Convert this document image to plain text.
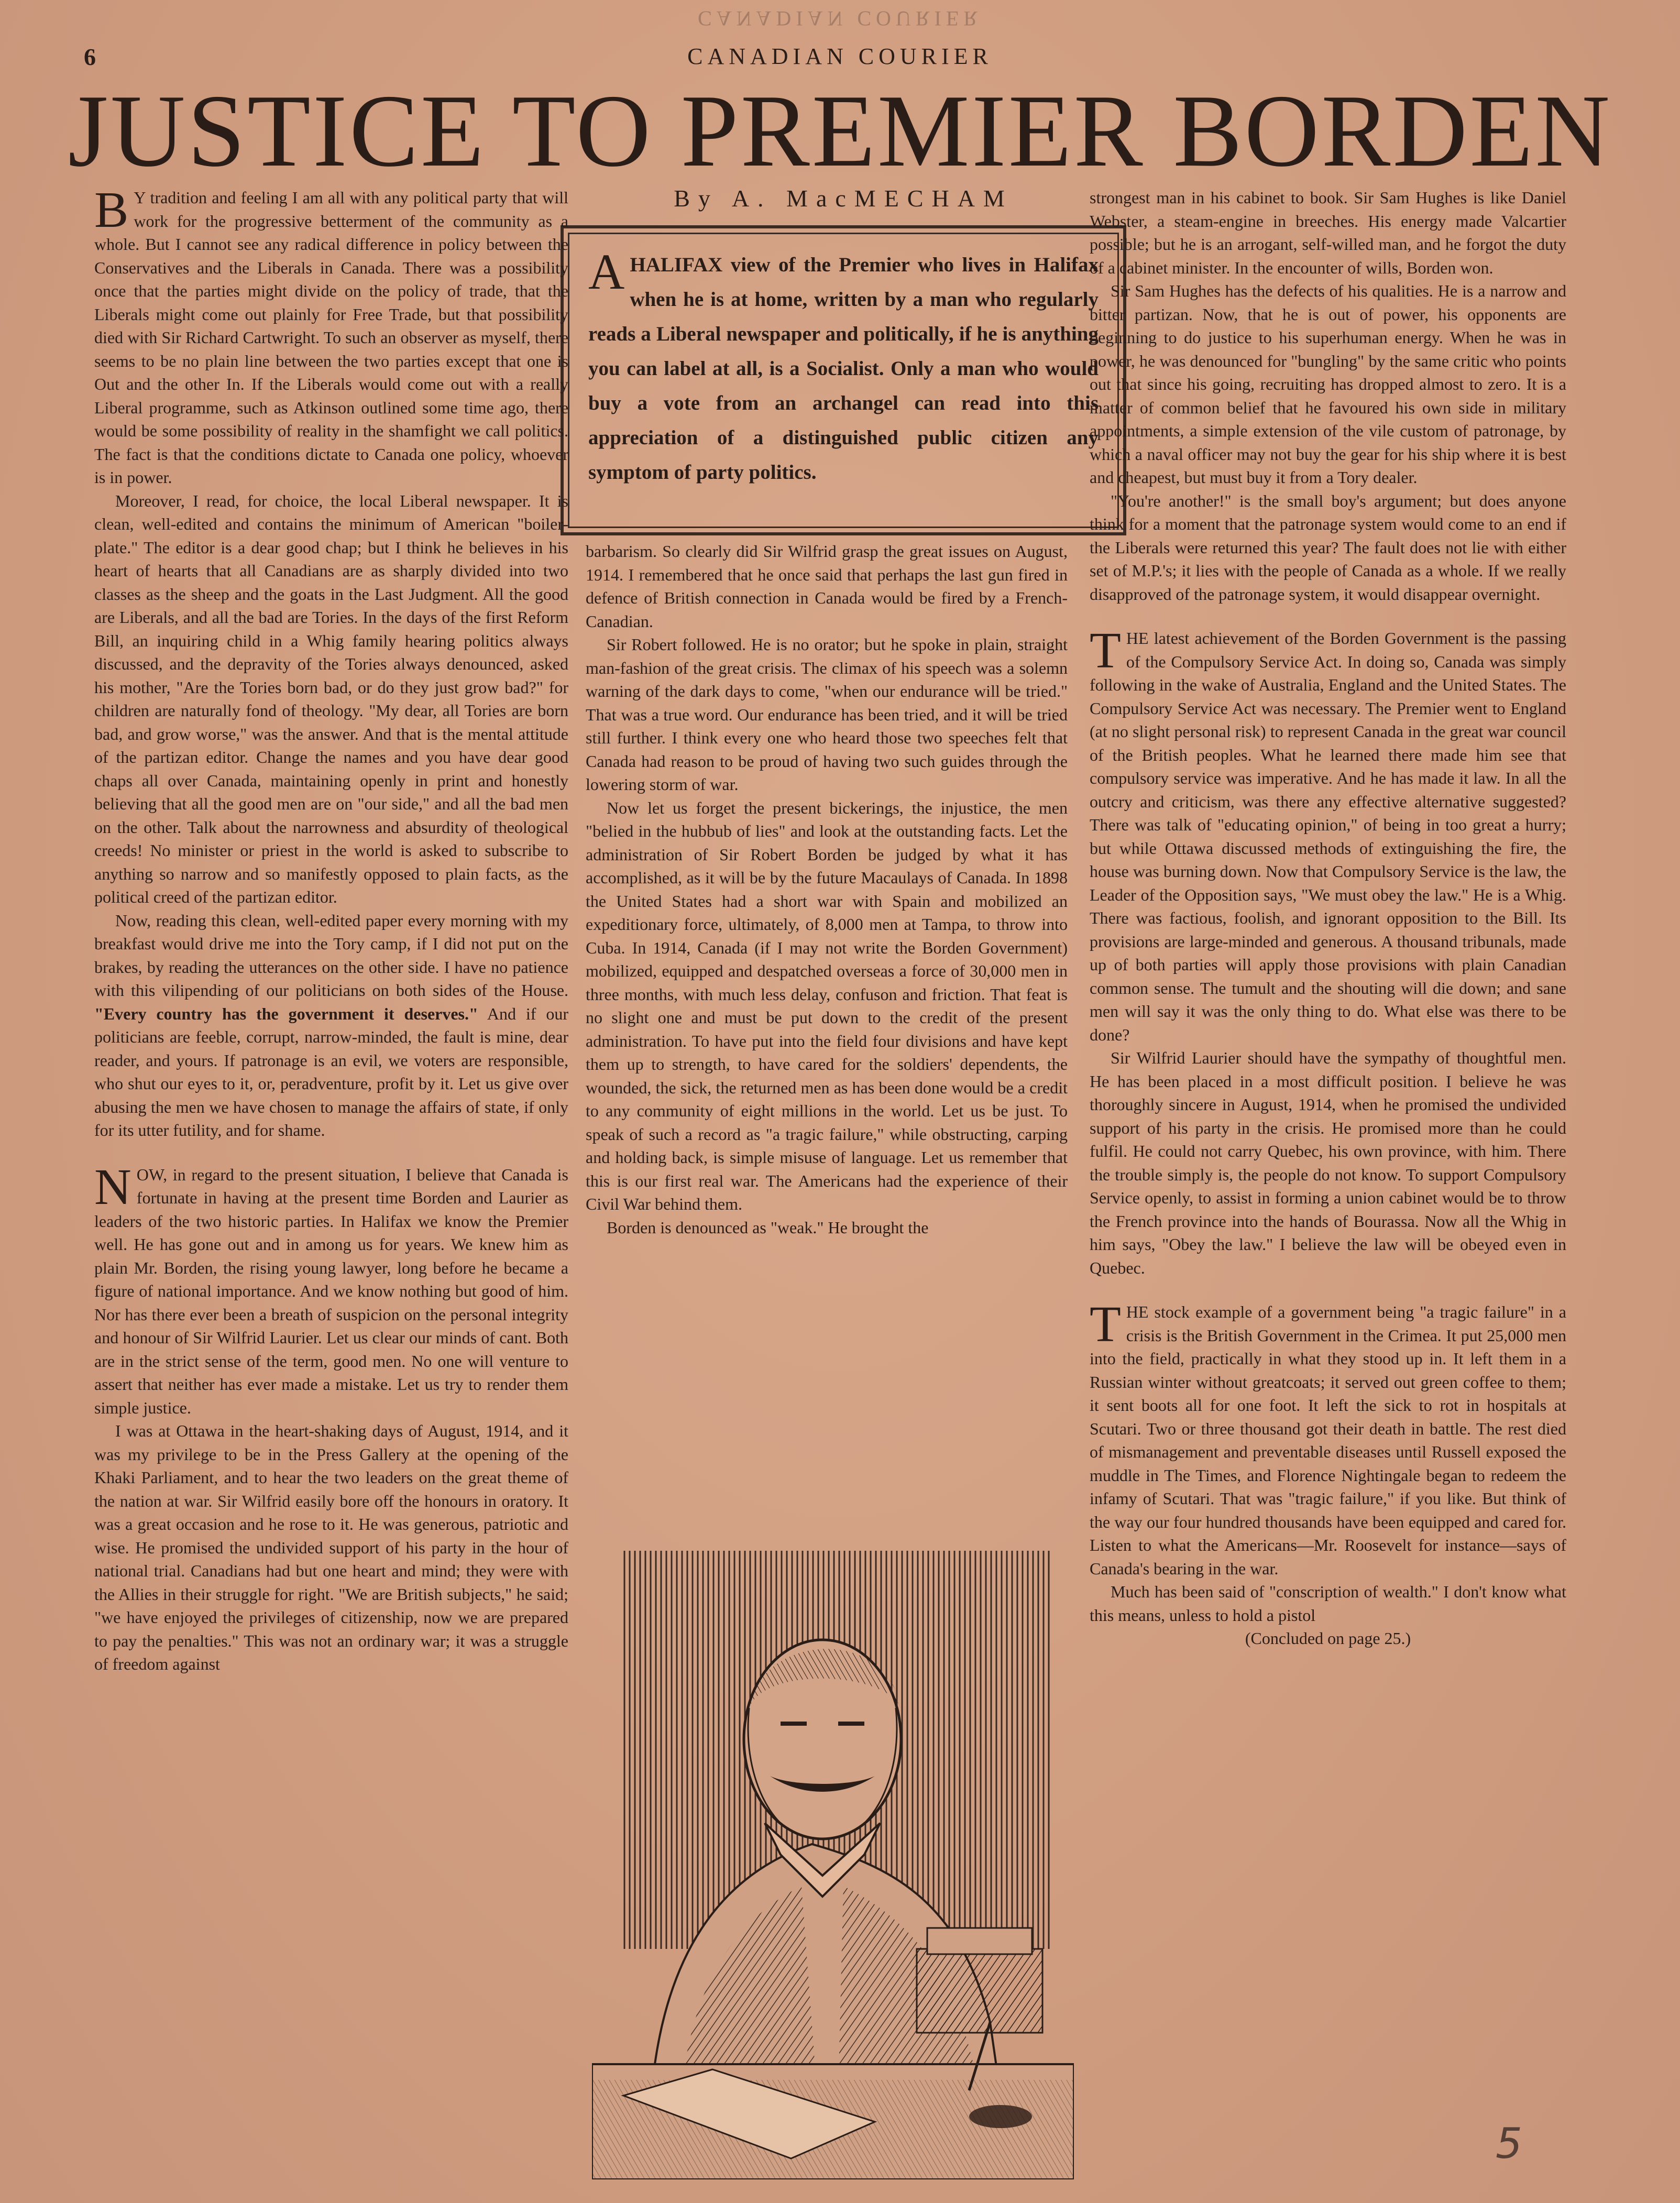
CANADIAN COURIER
6	CANADIAN COURIER
JUSTICE TO PREMIER BORDEN
By A. MacMECHAM
AHALIFAX view of the Premier who lives in Halifax when he is at home, written by a man who regularly reads a Liberal newspaper and politically, if he is anything you can label at all, is a Socialist. Only a man who would buy a vote from an archangel can read into this appreciation of a distinguished public citizen any symptom of party politics.

B Y tradition and feeling I am all with any political party that will work for the progressive betterment of the community as a whole. But I cannot see any radical difference in policy between the Conservatives and the Liberals in Canada. There was a possibility once that the parties might divide on the policy of trade, that the Liberals might come out plainly for Free Trade, but that possibility died with Sir Richard Cartwright. To such an observer as myself, there seems to be no plain line between the two parties except that one is Out and the other In. If the Liberals would come out with a really Liberal programme, such as Atkinson outlined some time ago, there would be some possibility of reality in the shamfight we call politics. The fact is that the conditions dictate to Canada one policy, whoever is in power.

Moreover, I read, for choice, the local Liberal newspaper. It is clean, well-edited and contains the minimum of American "boiler-plate." The editor is a dear good chap; but I think he believes in his heart of hearts that all Canadians are as sharply divided into two classes as the sheep and the goats in the Last Judgment. All the good are Liberals, and all the bad are Tories. In the days of the first Reform Bill, an inquiring child in a Whig family hearing politics always discussed, and the depravity of the Tories always denounced, asked his mother, "Are the Tories born bad, or do they just grow bad?" for children are naturally fond of theology. "My dear, all Tories are born bad, and grow worse," was the answer. And that is the mental attitude of the partizan editor. Change the names and you have dear good chaps all over Canada, maintaining openly in print and honestly believing that all the good men are on "our side," and all the bad men on the other. Talk about the narrowness and absurdity of theological creeds! No minister or priest in the world is asked to subscribe to anything so narrow and so manifestly opposed to plain facts, as the political creed of the partizan editor.

Now, reading this clean, well-edited paper every morning with my breakfast would drive me into the Tory camp, if I did not put on the brakes, by reading the utterances on the other side. I have no patience with this vilipending of our politicians on both sides of the House. "Every country has the government it deserves." And if our politicians are feeble, corrupt, narrow-minded, the fault is mine, dear reader, and yours. If patronage is an evil, we voters are responsible, who shut our eyes to it, or, peradventure, profit by it. Let us give over abusing the men we have chosen to manage the affairs of state, if only for its utter futility, and for shame.

NOW, in regard to the present situation, I believe that Canada is fortunate in having at the present time Borden and Laurier as leaders of the two historic parties. In Halifax we know the Premier well. He has gone out and in among us for years. We knew him as plain Mr. Borden, the rising young lawyer, long before he became a figure of national importance. And we know nothing but good of him. Nor has there ever been a breath of suspicion on the personal integrity and honour of Sir Wilfrid Laurier. Let us clear our minds of cant. Both are in the strict sense of the term, good men. No one will venture to assert that neither has ever made a mistake. Let us try to render them simple justice.

I was at Ottawa in the heart-shaking days of August, 1914, and it was my privilege to be in the Press Gallery at the opening of the Khaki Parliament, and to hear the two leaders on the great theme of the nation at war. Sir Wilfrid easily bore off the honours in oratory. It was a great occasion and he rose to it. He was generous, patriotic and wise. He promised the undivided support of his party in the hour of national trial. Canadians had but one heart and mind; they were with the Allies in their struggle for right. "We are British subjects," he said; "we have enjoyed the privileges of citizenship, now we are prepared to pay the penalties." This was not an ordinary war; it was a struggle of freedom against

barbarism. So clearly did Sir Wilfrid grasp the great issues on August, 1914. I remembered that he once said that perhaps the last gun fired in defence of British connection in Canada would be fired by a French-Canadian.

Sir Robert followed. He is no orator; but he spoke in plain, straight man-fashion of the great crisis. The climax of his speech was a solemn warning of the dark days to come, "when our endurance will be tried." That was a true word. Our endurance has been tried, and it will be tried still further. I think every one who heard those two speeches felt that Canada had reason to be proud of having two such guides through the lowering storm of war.

Now let us forget the present bickerings, the injustice, the men "belied in the hubbub of lies" and look at the outstanding facts. Let the administration of Sir Robert Borden be judged by what it has accomplished, as it will be by the future Macaulays of Canada. In 1898 the United States had a short war with Spain and mobilized an expeditionary force, ultimately, of 8,000 men at Tampa, to throw into Cuba. In 1914, Canada (if I may not write the Borden Government) mobilized, equipped and despatched overseas a force of 30,000 men in three months, with much less delay, confuson and friction. That feat is no slight one and must be put down to the credit of the present administration. To have put into the field four divisions and have kept them up to strength, to have cared for the soldiers' dependents, the wounded, the sick, the returned men as has been done would be a credit to any community of eight millions in the world. Let us be just. To speak of such a record as "a tragic failure," while obstructing, carping and holding back, is simple misuse of language. Let us remember that this is our first real war. The Americans had the experience of their Civil War behind them.

Borden is denounced as "weak." He brought the

strongest man in his cabinet to book. Sir Sam Hughes is like Daniel Webster, a steam-engine in breeches. His energy made Valcartier possible; but he is an arrogant, self-willed man, and he forgot the duty of a cabinet minister. In the encounter of wills, Borden won.

Sir Sam Hughes has the defects of his qualities. He is a narrow and bitter partizan. Now, that he is out of power, his opponents are beginning to do justice to his superhuman energy. When he was in power, he was denounced for "bungling" by the same critic who points out that since his going, recruiting has dropped almost to zero. It is a matter of common belief that he favoured his own side in military appointments, a simple extension of the vile custom of patronage, by which a naval officer may not buy the gear for his ship where it is best and cheapest, but must buy it from a Tory dealer.

"You're another!" is the small boy's argument; but does anyone think for a moment that the patronage system would come to an end if the Liberals were returned this year? The fault does not lie with either set of M.P.'s; it lies with the people of Canada as a whole. If we really disapproved of the patronage system, it would disappear overnight.

THE latest achievement of the Borden Government is the passing of the Compulsory Service Act. In doing so, Canada was simply following in the wake of Australia, England and the United States. The Compulsory Service Act was necessary. The Premier went to England (at no slight personal risk) to represent Canada in the great war council of the British peoples. What he learned there made him see that compulsory service was imperative. And he has made it law. In all the outcry and criticism, was there any effective alternative suggested? There was talk of "educating opinion," of being in too great a hurry; but while Ottawa discussed methods of extinguishing the fire, the house was burning down. Now that Compulsory Service is the law, the Leader of the Opposition says, "We must obey the law." He is a Whig. There was factious, foolish, and ignorant opposition to the Bill. Its provisions are large-minded and generous. A thousand tribunals, made up of both parties will apply those provisions with plain Canadian common sense. The tumult and the shouting will die down; and sane men will say it was the only thing to do. What else was there to be done?

Sir Wilfrid Laurier should have the sympathy of thoughtful men. He has been placed in a most difficult position. I believe he was thoroughly sincere in August, 1914, when he promised the undivided support of his party in the crisis. He promised more than he could fulfil. He could not carry Quebec, his own province, with him. There the trouble simply is, the people do not know. To support Compulsory Service openly, to assist in forming a union cabinet would be to throw the French province into the hands of Bourassa. Now all the Whig in him says, "Obey the law." I believe the law will be obeyed even in Quebec.

THE stock example of a government being "a tragic failure" in a crisis is the British Government in the Crimea. It put 25,000 men into the field, practically in what they stood up in. It left them in a Russian winter without greatcoats; it served out green coffee to them; it sent boots all for one foot. It left the sick to rot in hospitals at Scutari. Two or three thousand got their death in battle. The rest died of mismanagement and preventable diseases until Russell exposed the muddle in The Times, and Florence Nightingale began to redeem the infamy of Scutari. That was "tragic failure," if you like. But think of the way our four hundred thousands have been equipped and cared for. Listen to what the Americans—Mr. Roosevelt for instance—says of Canada's bearing in the war.

Much has been said of "conscription of wealth." I don't know what this means, unless to hold a pistol

(Concluded on page 25.)

5
